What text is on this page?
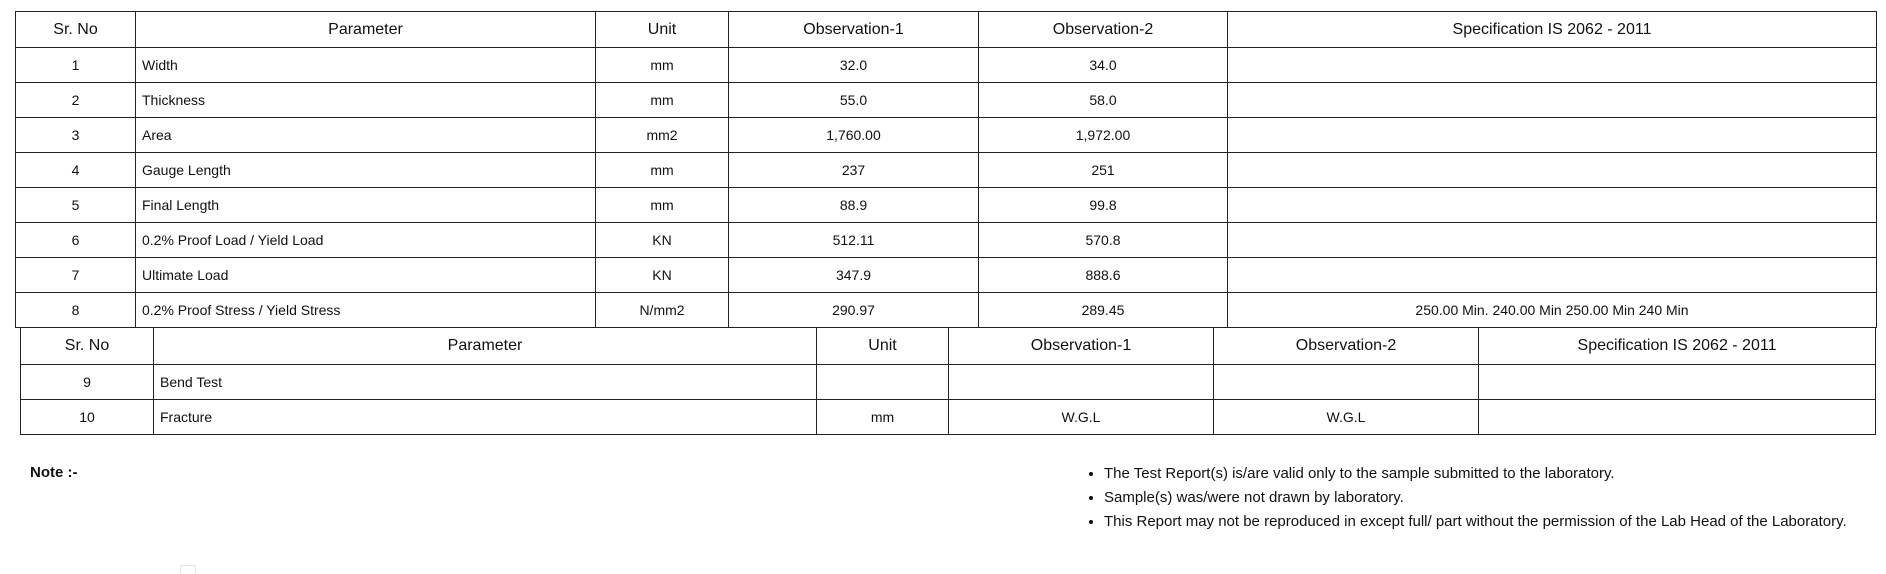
Sr. No	Parameter	Unit	Observation-1	Observation-2	Specification IS 2062 - 2011
1	Width	mm	32.0	34.0	
2	Thickness	mm	55.0	58.0	
3	Area	mm2	1,760.00	1,972.00	
4	Gauge Length	mm	237	251	
5	Final Length	mm	88.9	99.8	
6	0.2% Proof Load / Yield Load	KN	512.11	570.8	
7	Ultimate Load	KN	347.9	888.6	
8	0.2% Proof Stress / Yield Stress	N/mm2	290.97	289.45	250.00 Min. 240.00 Min 250.00 Min 240 Min
Sr. No	Parameter	Unit	Observation-1	Observation-2	Specification IS 2062 - 2011
9	Bend Test				
10	Fracture	mm	W.G.L	W.G.L	
Note :-	• The Test Report(s) is/are valid only to the sample submitted to the laboratory.
• Sample(s) was/were not drawn by laboratory.
• This Report may not be reproduced in except full/ part without the permission of the Lab Head of the Laboratory.
